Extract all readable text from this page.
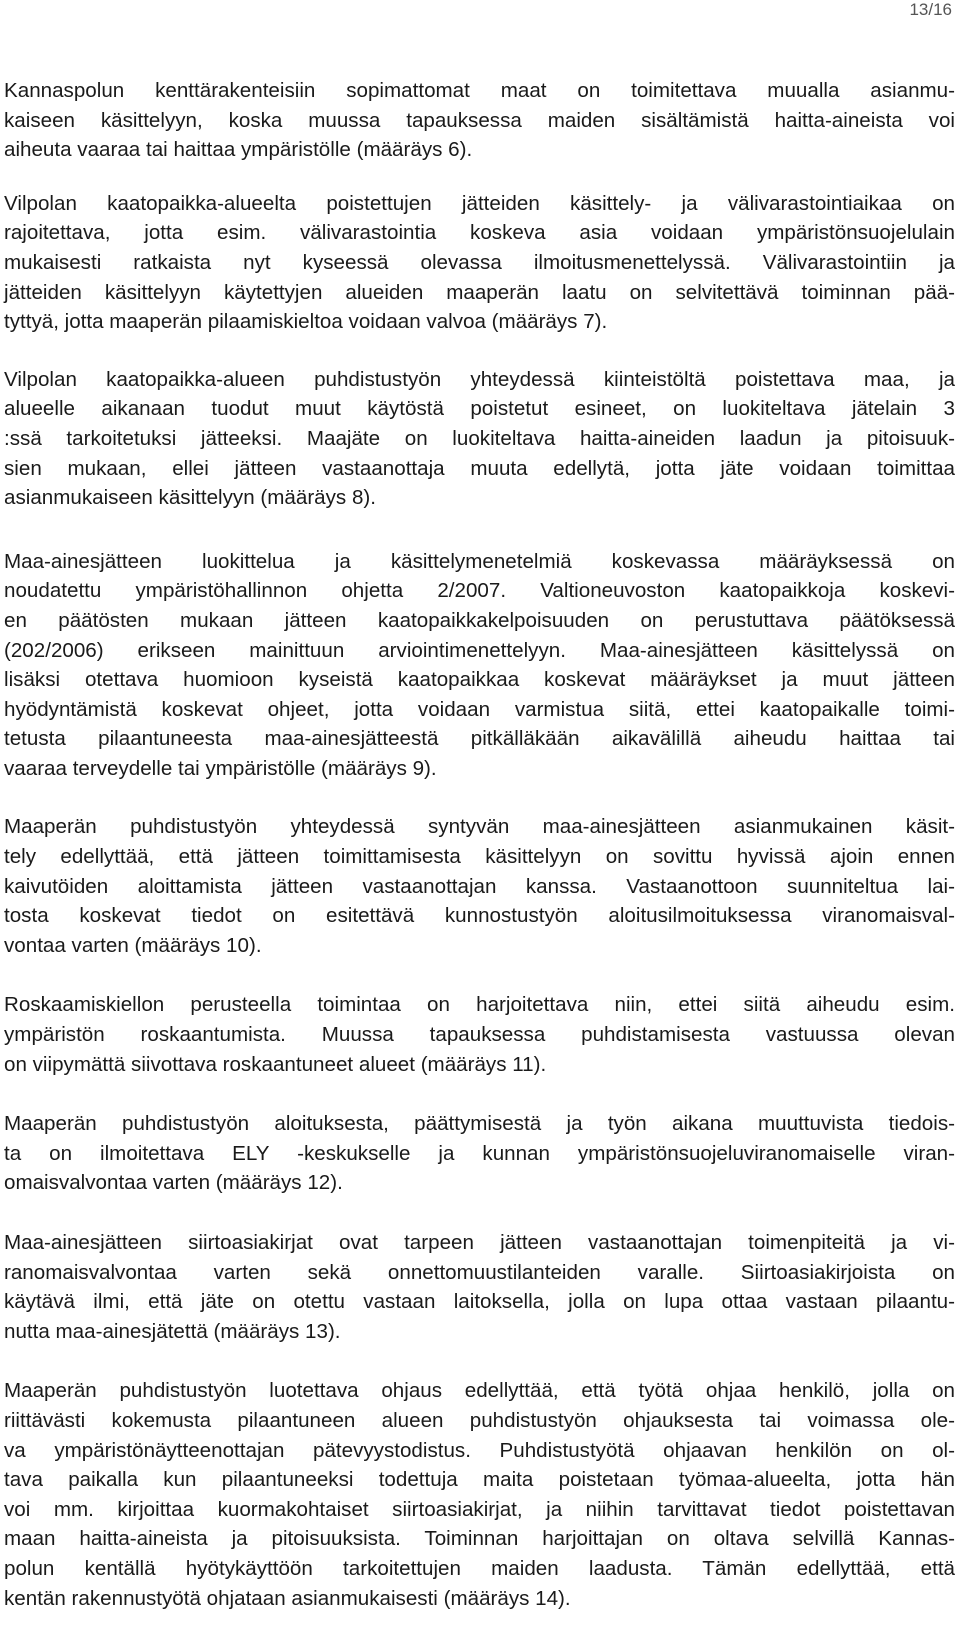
13/16

Kannaspolun kenttärakenteisiin sopimattomat maat on toimitettava muualla asianmu-
kaiseen käsittelyyn, koska muussa tapauksessa maiden sisältämistä haitta-aineista voi
aiheuta vaaraa tai haittaa ympäristölle (määräys 6).

Vilpolan kaatopaikka-alueelta poistettujen jätteiden käsittely- ja välivarastointiaikaa on
rajoitettava, jotta esim. välivarastointia koskeva asia voidaan ympäristönsuojelulain
mukaisesti ratkaista nyt kyseessä olevassa ilmoitusmenettelyssä. Välivarastointiin ja
jätteiden käsittelyyn käytettyjen alueiden maaperän laatu on selvitettävä toiminnan pää-
tyttyä, jotta maaperän pilaamiskieltoa voidaan valvoa (määräys 7).

Vilpolan kaatopaikka-alueen puhdistustyön yhteydessä kiinteistöltä poistettava maa, ja
alueelle aikanaan tuodut muut käytöstä poistetut esineet, on luokiteltava jätelain 3
:ssä tarkoitetuksi jätteeksi. Maajäte on luokiteltava haitta-aineiden laadun ja pitoisuuk-
sien mukaan, ellei jätteen vastaanottaja muuta edellytä, jotta jäte voidaan toimittaa
asianmukaiseen käsittelyyn (määräys 8).

Maa-ainesjätteen luokittelua ja käsittelymenetelmiä koskevassa määräyksessä on
noudatettu ympäristöhallinnon ohjetta 2/2007. Valtioneuvoston kaatopaikkoja koskevi-
en päätösten mukaan jätteen kaatopaikkakelpoisuuden on perustuttava päätöksessä
(202/2006) erikseen mainittuun arviointimenettelyyn. Maa-ainesjätteen käsittelyssä on
lisäksi otettava huomioon kyseistä kaatopaikkaa koskevat määräykset ja muut jätteen
hyödyntämistä koskevat ohjeet, jotta voidaan varmistua siitä, ettei kaatopaikalle toimi-
tetusta pilaantuneesta maa-ainesjätteestä pitkälläkään aikavälillä aiheudu haittaa tai
vaaraa terveydelle tai ympäristölle (määräys 9).

Maaperän puhdistustyön yhteydessä syntyvän maa-ainesjätteen asianmukainen käsit-
tely edellyttää, että jätteen toimittamisesta käsittelyyn on sovittu hyvissä ajoin ennen
kaivutöiden aloittamista jätteen vastaanottajan kanssa. Vastaanottoon suunniteltua lai-
tosta koskevat tiedot on esitettävä kunnostustyön aloitusilmoituksessa viranomaisval-
vontaa varten (määräys 10).

Roskaamiskiellon perusteella toimintaa on harjoitettava niin, ettei siitä aiheudu esim.
ympäristön roskaantumista. Muussa tapauksessa puhdistamisesta vastuussa olevan
on viipymättä siivottava roskaantuneet alueet (määräys 11).

Maaperän puhdistustyön aloituksesta, päättymisestä ja työn aikana muuttuvista tiedois-
ta on ilmoitettava ELY -keskukselle ja kunnan ympäristönsuojeluviranomaiselle viran-
omaisvalvontaa varten (määräys 12).

Maa-ainesjätteen siirtoasiakirjat ovat tarpeen jätteen vastaanottajan toimenpiteitä ja vi-
ranomaisvalvontaa varten sekä onnettomuustilanteiden varalle. Siirtoasiakirjoista on
käytävä ilmi, että jäte on otettu vastaan laitoksella, jolla on lupa ottaa vastaan pilaantu-
nutta maa-ainesjätettä (määräys 13).

Maaperän puhdistustyön luotettava ohjaus edellyttää, että työtä ohjaa henkilö, jolla on
riittävästi kokemusta pilaantuneen alueen puhdistustyön ohjauksesta tai voimassa ole-
va ympäristönäytteenottajan pätevyystodistus. Puhdistustyötä ohjaavan henkilön on ol-
tava paikalla kun pilaantuneeksi todettuja maita poistetaan työmaa-alueelta, jotta hän
voi mm. kirjoittaa kuormakohtaiset siirtoasiakirjat, ja niihin tarvittavat tiedot poistettavan
maan haitta-aineista ja pitoisuuksista. Toiminnan harjoittajan on oltava selvillä Kannas-
polun kentällä hyötykäyttöön tarkoitettujen maiden laadusta. Tämän edellyttää, että
kentän rakennustyötä ohjataan asianmukaisesti (määräys 14).
